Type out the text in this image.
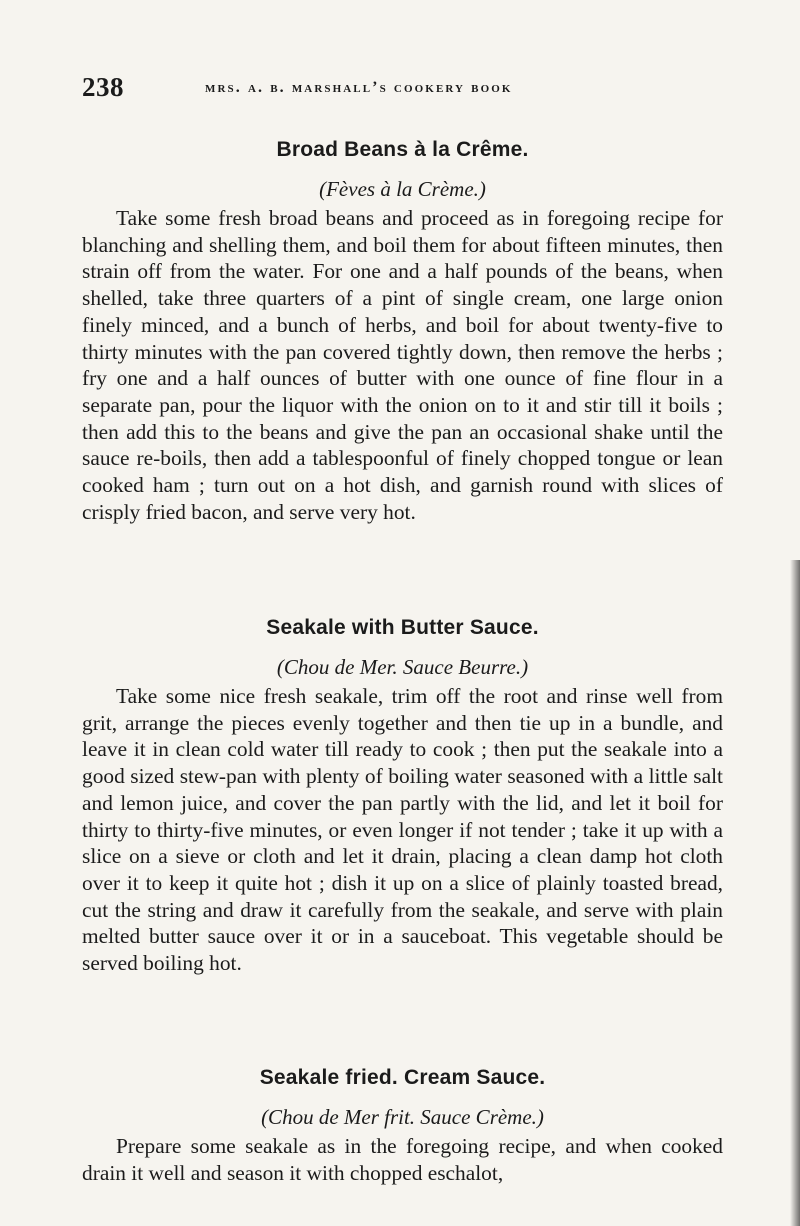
238	mrs. a. b. marshall’s cookery book
Broad Beans à la Crême.
(Fèves à la Crème.)

Take some fresh broad beans and proceed as in foregoing recipe for blanching and shelling them, and boil them for about fifteen minutes, then strain off from the water. For one and a half pounds of the beans, when shelled, take three quarters of a pint of single cream, one large onion finely minced, and a bunch of herbs, and boil for about twenty-five to thirty minutes with the pan covered tightly down, then remove the herbs ; fry one and a half ounces of butter with one ounce of fine flour in a separate pan, pour the liquor with the onion on to it and stir till it boils ; then add this to the beans and give the pan an occasional shake until the sauce re-boils, then add a tablespoonful of finely chopped tongue or lean cooked ham ; turn out on a hot dish, and garnish round with slices of crisply fried bacon, and serve very hot.

Seakale with Butter Sauce.
(Chou de Mer. Sauce Beurre.)

Take some nice fresh seakale, trim off the root and rinse well from grit, arrange the pieces evenly together and then tie up in a bundle, and leave it in clean cold water till ready to cook ; then put the seakale into a good sized stew-pan with plenty of boiling water seasoned with a little salt and lemon juice, and cover the pan partly with the lid, and let it boil for thirty to thirty-five minutes, or even longer if not tender ; take it up with a slice on a sieve or cloth and let it drain, placing a clean damp hot cloth over it to keep it quite hot ; dish it up on a slice of plainly toasted bread, cut the string and draw it carefully from the seakale, and serve with plain melted butter sauce over it or in a sauceboat. This vegetable should be served boiling hot.

Seakale fried. Cream Sauce.
(Chou de Mer frit. Sauce Crème.)

Prepare some seakale as in the foregoing recipe, and when cooked drain it well and season it with chopped eschalot,
